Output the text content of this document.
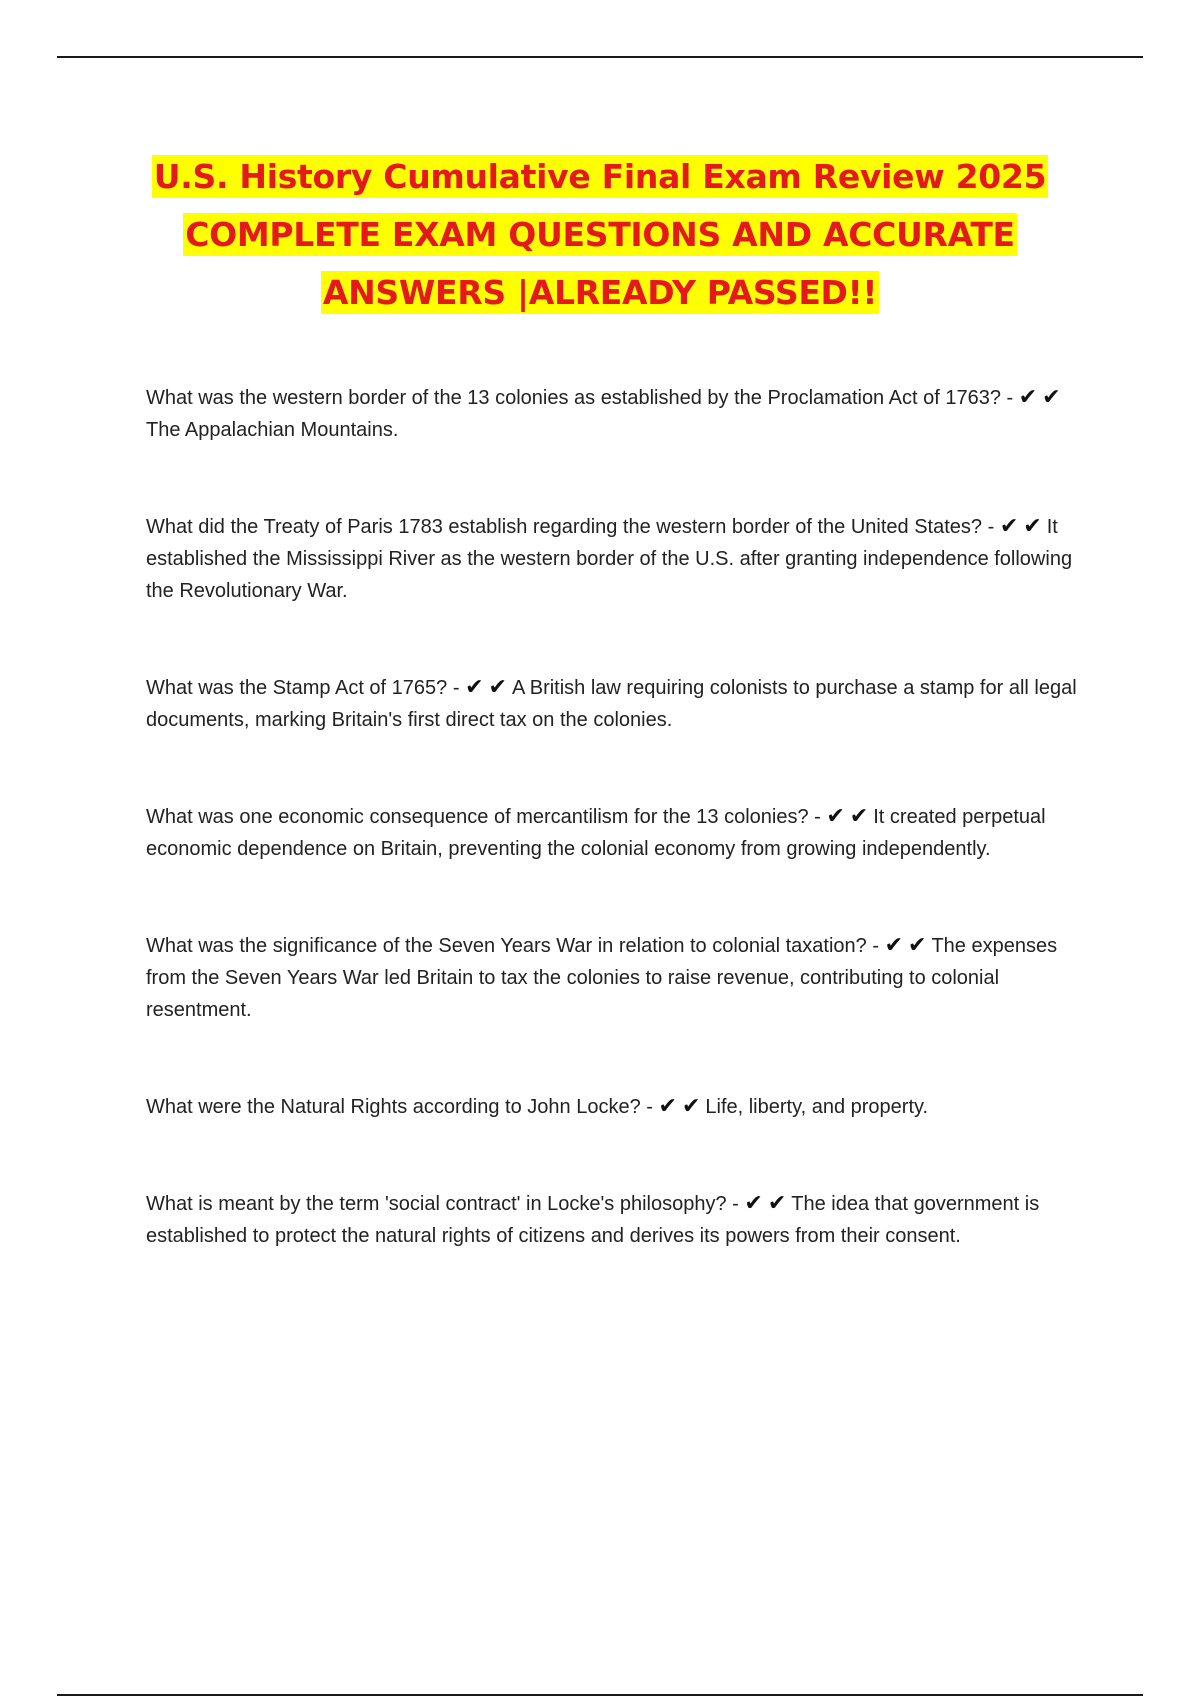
U.S. History Cumulative Final Exam Review 2025
COMPLETE EXAM QUESTIONS AND ACCURATE
ANSWERS |ALREADY PASSED!!

What was the western border of the 13 colonies as established by the Proclamation Act of 1763? - ✔ ✔The Appalachian Mountains.

What did the Treaty of Paris 1783 establish regarding the western border of the United States? - ✔ ✔ It established the Mississippi River as the western border of the U.S. after granting independence following the Revolutionary War.

What was the Stamp Act of 1765? - ✔ ✔ A British law requiring colonists to purchase a stamp for all legal documents, marking Britain's first direct tax on the colonies.

What was one economic consequence of mercantilism for the 13 colonies? - ✔ ✔ It created perpetual economic dependence on Britain, preventing the colonial economy from growing independently.

What was the significance of the Seven Years War in relation to colonial taxation? - ✔ ✔ The expenses from the Seven Years War led Britain to tax the colonies to raise revenue, contributing to colonial resentment.

What were the Natural Rights according to John Locke? - ✔ ✔ Life, liberty, and property.

What is meant by the term 'social contract' in Locke's philosophy? - ✔ ✔ The idea that government is established to protect the natural rights of citizens and derives its powers from their consent.
